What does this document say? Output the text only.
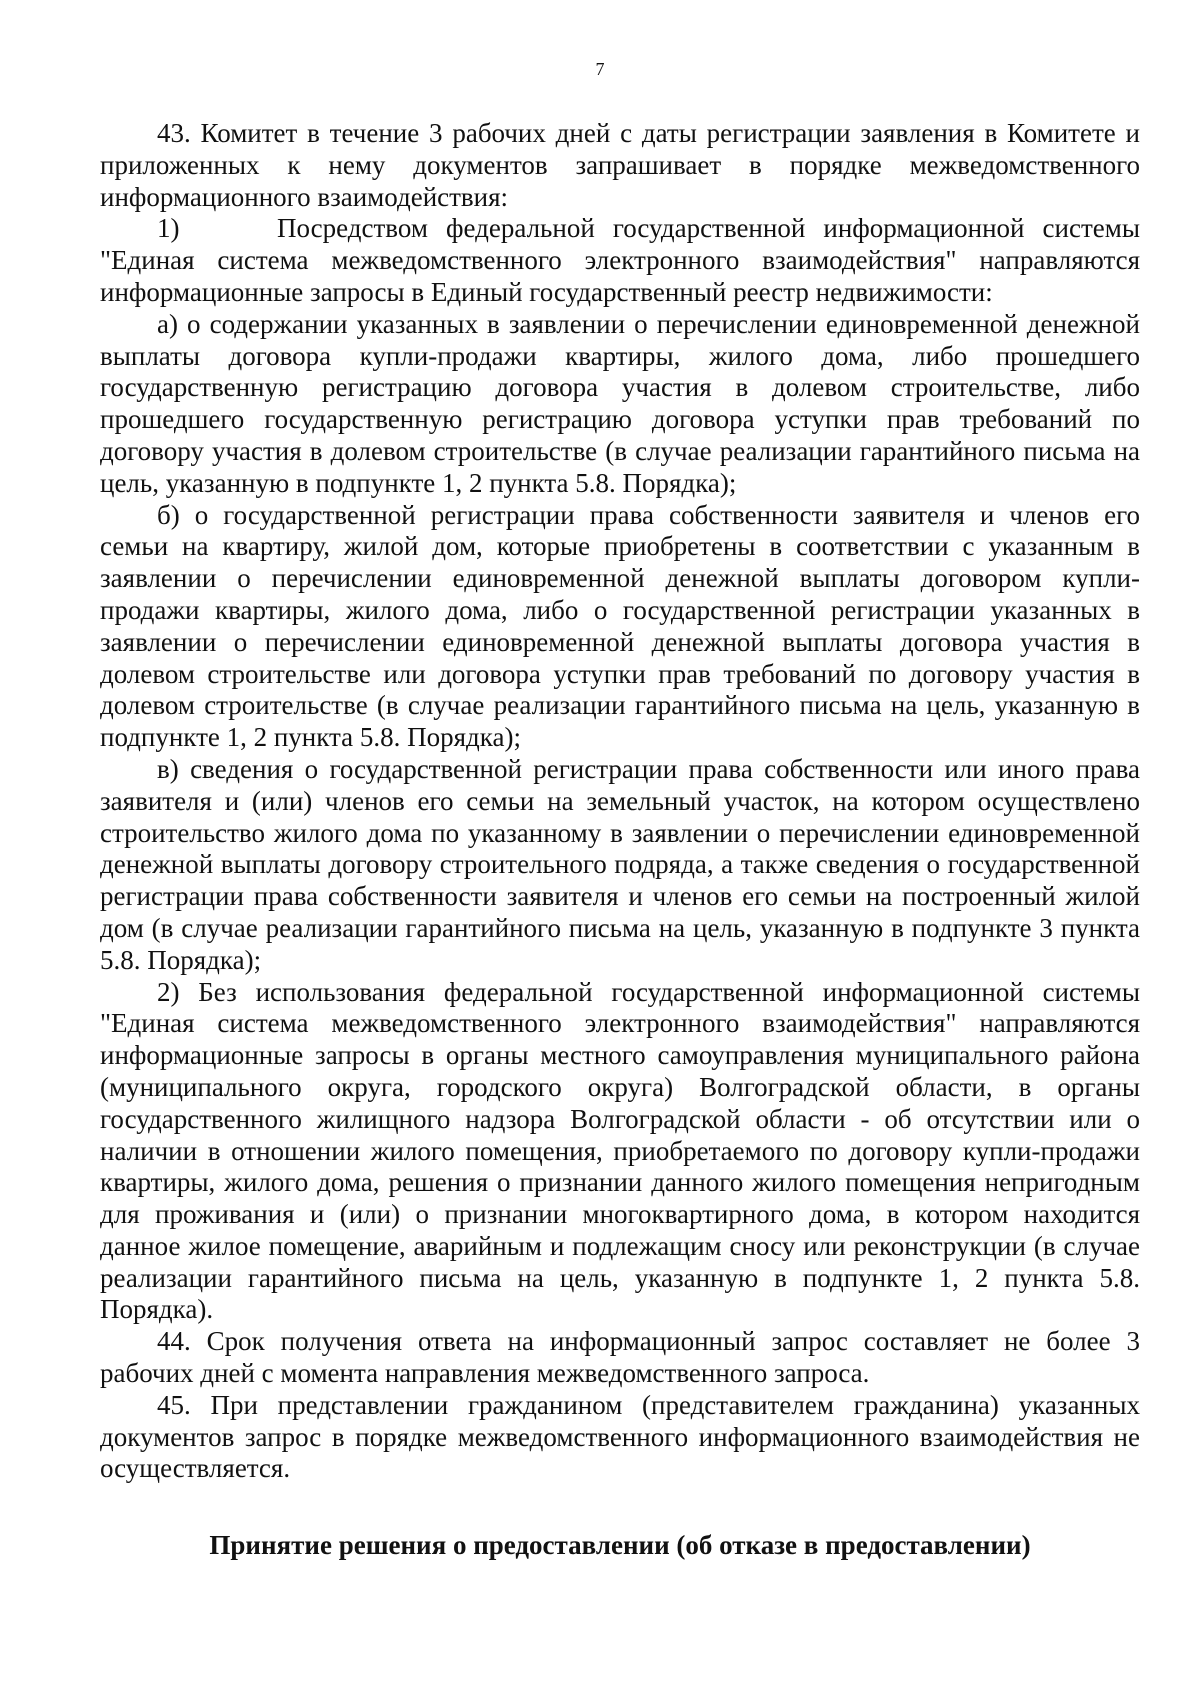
7

43. Комитет в течение 3 рабочих дней с даты регистрации заявления в Комитете и приложенных к нему документов запрашивает в порядке межведомственного информационного взаимодействия:

1)	Посредством федеральной государственной информационной системы "Единая система межведомственного электронного взаимодействия" направляются информационные запросы в Единый государственный реестр недвижимости:

а) о содержании указанных в заявлении о перечислении единовременной денежной выплаты договора купли-продажи квартиры, жилого дома, либо прошедшего государственную регистрацию договора участия в долевом строительстве, либо прошедшего государственную регистрацию договора уступки прав требований по договору участия в долевом строительстве (в случае реализации гарантийного письма на цель, указанную в подпункте 1, 2 пункта 5.8. Порядка);

б) о государственной регистрации права собственности заявителя и членов его семьи на квартиру, жилой дом, которые приобретены в соответствии с указанным в заявлении о перечислении единовременной денежной выплаты договором купли-продажи квартиры, жилого дома, либо о государственной регистрации указанных в заявлении о перечислении единовременной денежной выплаты договора участия в долевом строительстве или договора уступки прав требований по договору участия в долевом строительстве (в случае реализации гарантийного письма на цель, указанную в подпункте 1, 2 пункта 5.8. Порядка);

в) сведения о государственной регистрации права собственности или иного права заявителя и (или) членов его семьи на земельный участок, на котором осуществлено строительство жилого дома по указанному в заявлении о перечислении единовременной денежной выплаты договору строительного подряда, а также сведения о государственной регистрации права собственности заявителя и членов его семьи на построенный жилой дом (в случае реализации гарантийного письма на цель, указанную в подпункте 3 пункта 5.8. Порядка);

2) Без использования федеральной государственной информационной системы "Единая система межведомственного электронного взаимодействия" направляются информационные запросы в органы местного самоуправления муниципального района (муниципального округа, городского округа) Волгоградской области, в органы государственного жилищного надзора Волгоградской области - об отсутствии или о наличии в отношении жилого помещения, приобретаемого по договору купли-продажи квартиры, жилого дома, решения о признании данного жилого помещения непригодным для проживания и (или) о признании многоквартирного дома, в котором находится данное жилое помещение, аварийным и подлежащим сносу или реконструкции (в случае реализации гарантийного письма на цель, указанную в подпункте 1, 2 пункта 5.8. Порядка).

44. Срок получения ответа на информационный запрос составляет не более 3 рабочих дней с момента направления межведомственного запроса.

45. При представлении гражданином (представителем гражданина) указанных документов запрос в порядке межведомственного информационного взаимодействия не осуществляется.

Принятие решения о предоставлении (об отказе в предоставлении)
